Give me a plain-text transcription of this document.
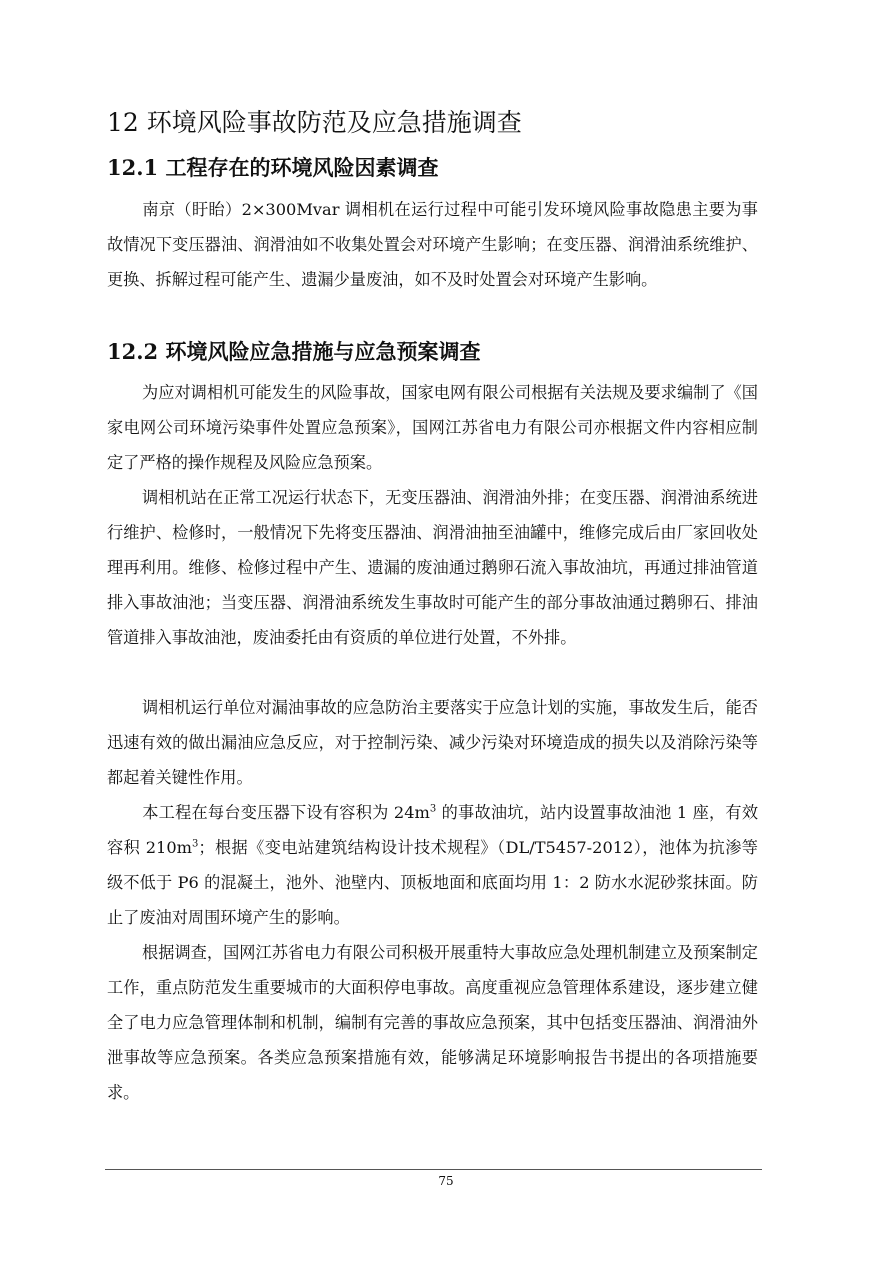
12 环境风险事故防范及应急措施调查
12.1 工程存在的环境风险因素调查

南京（盱眙）2×300Mvar 调相机在运行过程中可能引发环境风险事故隐患主要为事故情况下变压器油、润滑油如不收集处置会对环境产生影响；在变压器、润滑油系统维护、更换、拆解过程可能产生、遗漏少量废油，如不及时处置会对环境产生影响。

12.2 环境风险应急措施与应急预案调查

为应对调相机可能发生的风险事故，国家电网有限公司根据有关法规及要求编制了《国家电网公司环境污染事件处置应急预案》，国网江苏省电力有限公司亦根据文件内容相应制定了严格的操作规程及风险应急预案。

调相机站在正常工况运行状态下，无变压器油、润滑油外排；在变压器、润滑油系统进行维护、检修时，一般情况下先将变压器油、润滑油抽至油罐中，维修完成后由厂家回收处理再利用。维修、检修过程中产生、遗漏的废油通过鹅卵石流入事故油坑，再通过排油管道排入事故油池；当变压器、润滑油系统发生事故时可能产生的部分事故油通过鹅卵石、排油管道排入事故油池，废油委托由有资质的单位进行处置，不外排。

调相机运行单位对漏油事故的应急防治主要落实于应急计划的实施，事故发生后，能否迅速有效的做出漏油应急反应，对于控制污染、减少污染对环境造成的损失以及消除污染等都起着关键性作用。

本工程在每台变压器下设有容积为 $24m^3$ 的事故油坑，站内设置事故油池 1 座，有效容积 $210m^3$；根据《变电站建筑结构设计技术规程》（DL/T5457-2012），池体为抗渗等级不低于 P6 的混凝土，池外、池壁内、顶板地面和底面均用 1：2 防水水泥砂浆抹面。防止了废油对周围环境产生的影响。

根据调查，国网江苏省电力有限公司积极开展重特大事故应急处理机制建立及预案制定工作，重点防范发生重要城市的大面积停电事故。高度重视应急管理体系建设，逐步建立健全了电力应急管理体制和机制，编制有完善的事故应急预案，其中包括变压器油、润滑油外泄事故等应急预案。各类应急预案措施有效，能够满足环境影响报告书提出的各项措施要求。

75
